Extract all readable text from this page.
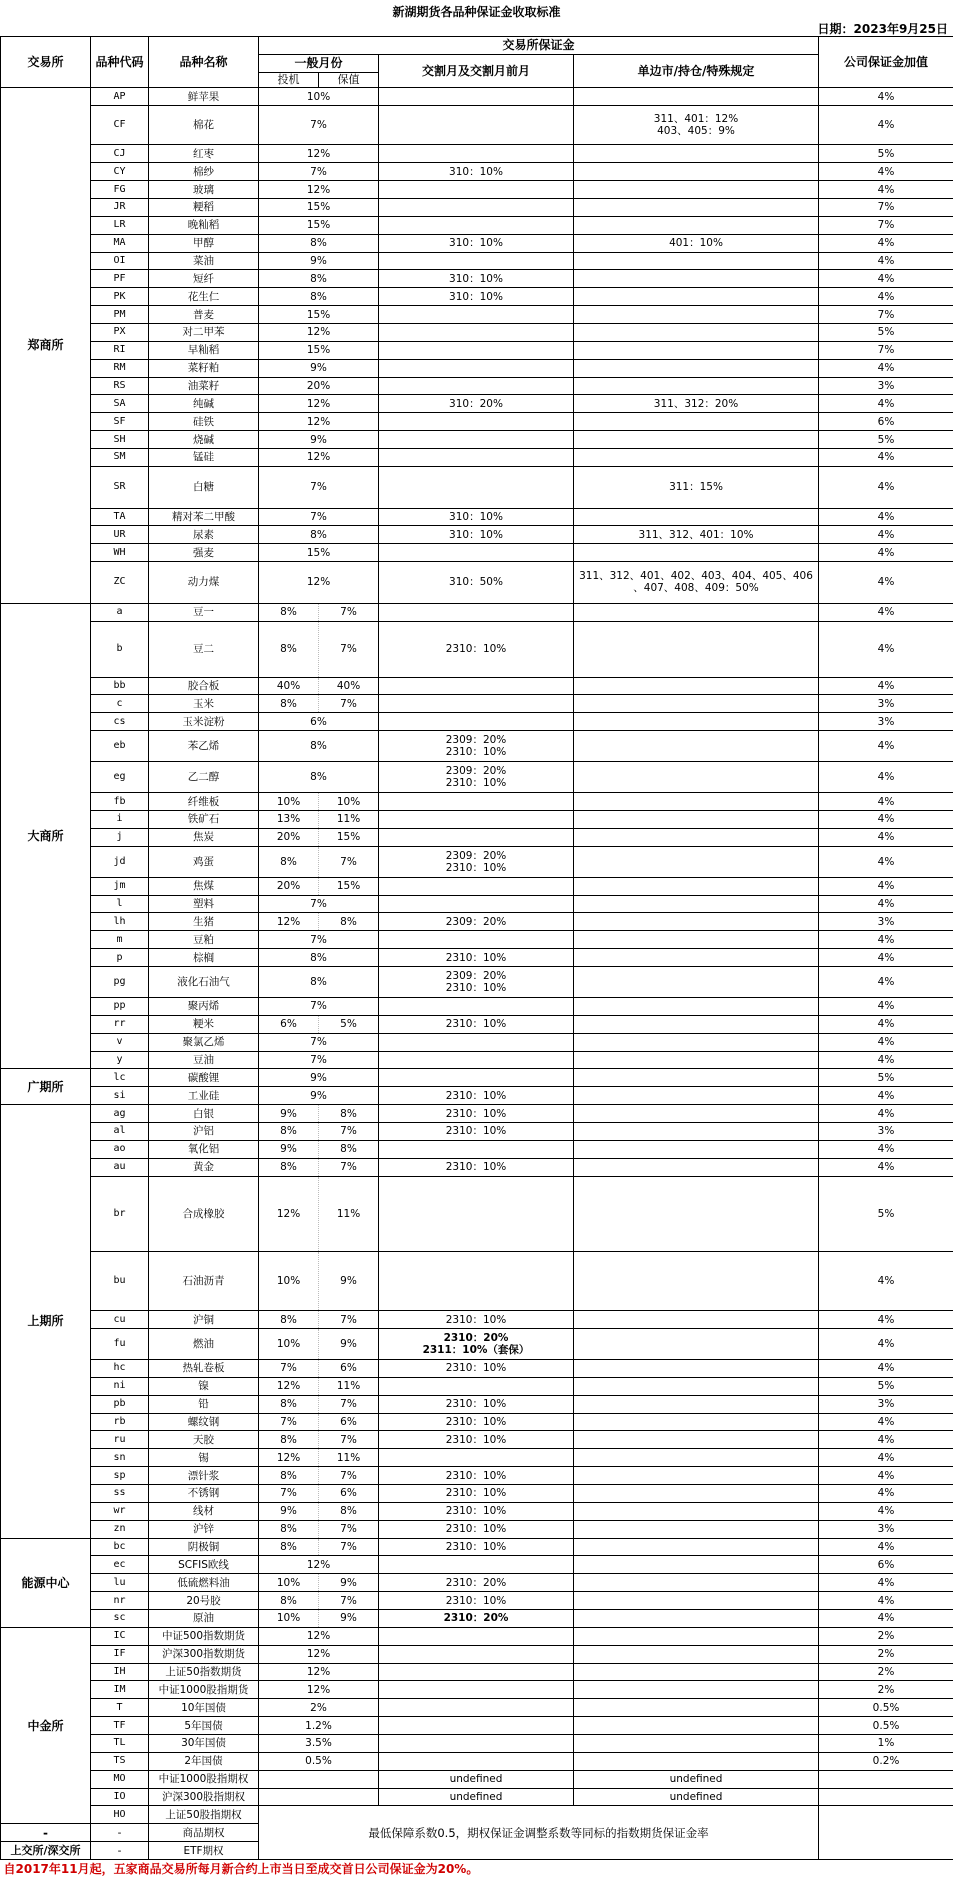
新湖期货各品种保证金收取标准
日期：2023年9月25日
交易所	品种代码	品种名称	交易所保证金				公司保证金加值	
			一般月份		交割月及交割月前月	单边市/持仓/特殊规定		
			投机	保值				
郑商所	AP	鲜苹果	10%				4%	
	CF	棉花	7%			311、401：12%
403、405：9%	4%	
	CJ	红枣	12%				5%	
	CY	棉纱	7%		310：10%		4%	
	FG	玻璃	12%				4%	
	JR	粳稻	15%				7%	
	LR	晚籼稻	15%				7%	
	MA	甲醇	8%		310：10%	401：10%	4%	
	OI	菜油	9%				4%	
	PF	短纤	8%		310：10%		4%	
	PK	花生仁	8%		310：10%		4%	
	PM	普麦	15%				7%	
	PX	对二甲苯	12%				5%	
	RI	早籼稻	15%				7%	
	RM	菜籽粕	9%				4%	
	RS	油菜籽	20%				3%	
	SA	纯碱	12%		310：20%	311、312：20%	4%	
	SF	硅铁	12%				6%	
	SH	烧碱	9%				5%	
	SM	锰硅	12%				4%	
	SR	白糖	7%			311：15%	4%	
	TA	精对苯二甲酸	7%		310：10%		4%	
	UR	尿素	8%		310：10%	311、312、401：10%	4%	
	WH	强麦	15%				4%	
	ZC	动力煤	12%		310：50%	311、312、401、402、403、404、405、406
、407、408、409：50%	4%	
大商所	a	豆一	8%	7%			4%	
	b	豆二	8%	7%	2310：10%		4%	
	bb	胶合板	40%	40%			4%	
	c	玉米	8%	7%			3%	
	cs	玉米淀粉	6%				3%	
	eb	苯乙烯	8%		2309：20%
2310：10%		4%	
	eg	乙二醇	8%		2309：20%
2310：10%		4%	
	fb	纤维板	10%	10%			4%	
	i	铁矿石	13%	11%			4%	
	j	焦炭	20%	15%			4%	
	jd	鸡蛋	8%	7%	2309：20%
2310：10%		4%	
	jm	焦煤	20%	15%			4%	
	l	塑料	7%				4%	
	lh	生猪	12%	8%	2309：20%		3%	
	m	豆粕	7%				4%	
	p	棕榈	8%		2310：10%		4%	
	pg	液化石油气	8%		2309：20%
2310：10%		4%	
	pp	聚丙烯	7%				4%	
	rr	粳米	6%	5%	2310：10%		4%	
	v	聚氯乙烯	7%				4%	
	y	豆油	7%				4%	
广期所	lc	碳酸锂	9%				5%	
	si	工业硅	9%		2310：10%		4%	
上期所	ag	白银	9%	8%	2310：10%		4%	
	al	沪铝	8%	7%	2310：10%		3%	
	ao	氧化铝	9%	8%			4%	
	au	黄金	8%	7%	2310：10%		4%	
	br	合成橡胶	12%	11%			5%	
	bu	石油沥青	10%	9%			4%	
	cu	沪铜	8%	7%	2310：10%		4%	
	fu	燃油	10%	9%	2310：20%
2311：10%（套保）		4%	
	hc	热轧卷板	7%	6%	2310：10%		4%	
	ni	镍	12%	11%			5%	
	pb	铅	8%	7%	2310：10%		3%	
	rb	螺纹钢	7%	6%	2310：10%		4%	
	ru	天胶	8%	7%	2310：10%		4%	
	sn	锡	12%	11%			4%	
	sp	漂针浆	8%	7%	2310：10%		4%	
	ss	不锈钢	7%	6%	2310：10%		4%	
	wr	线材	9%	8%	2310：10%		4%	
	zn	沪锌	8%	7%	2310：10%		3%	
能源中心	bc	阴极铜	8%	7%	2310：10%		4%	
	ec	SCFIS欧线	12%				6%	
	lu	低硫燃料油	10%	9%	2310：20%		4%	
	nr	20号胶	8%	7%	2310：10%		4%	
	sc	原油	10%	9%	2310：20%		4%	
中金所	IC	中证500指数期货	12%				2%	
	IF	沪深300指数期货	12%				2%	
	IH	上证50指数期货	12%				2%	
	IM	中证1000股指期货	12%				2%	
	T	10年国债	2%				0.5%	
	TF	5年国债	1.2%				0.5%	
	TL	30年国债	3.5%				1%	
	TS	2年国债	0.5%				0.2%	
	MO	中证1000股指期权			undefined	undefined		
	IO	沪深300股指期权			undefined	undefined		
	HO	上证50股指期权	最低保障系数0.5，期权保证金调整系数等同标的指数期货保证金率					
-	-	商品期权		
上交所/深交所	-	ETF期权		
自2017年11月起，五家商品交易所每月新合约上市当日至成交首日公司保证金为20%。								
